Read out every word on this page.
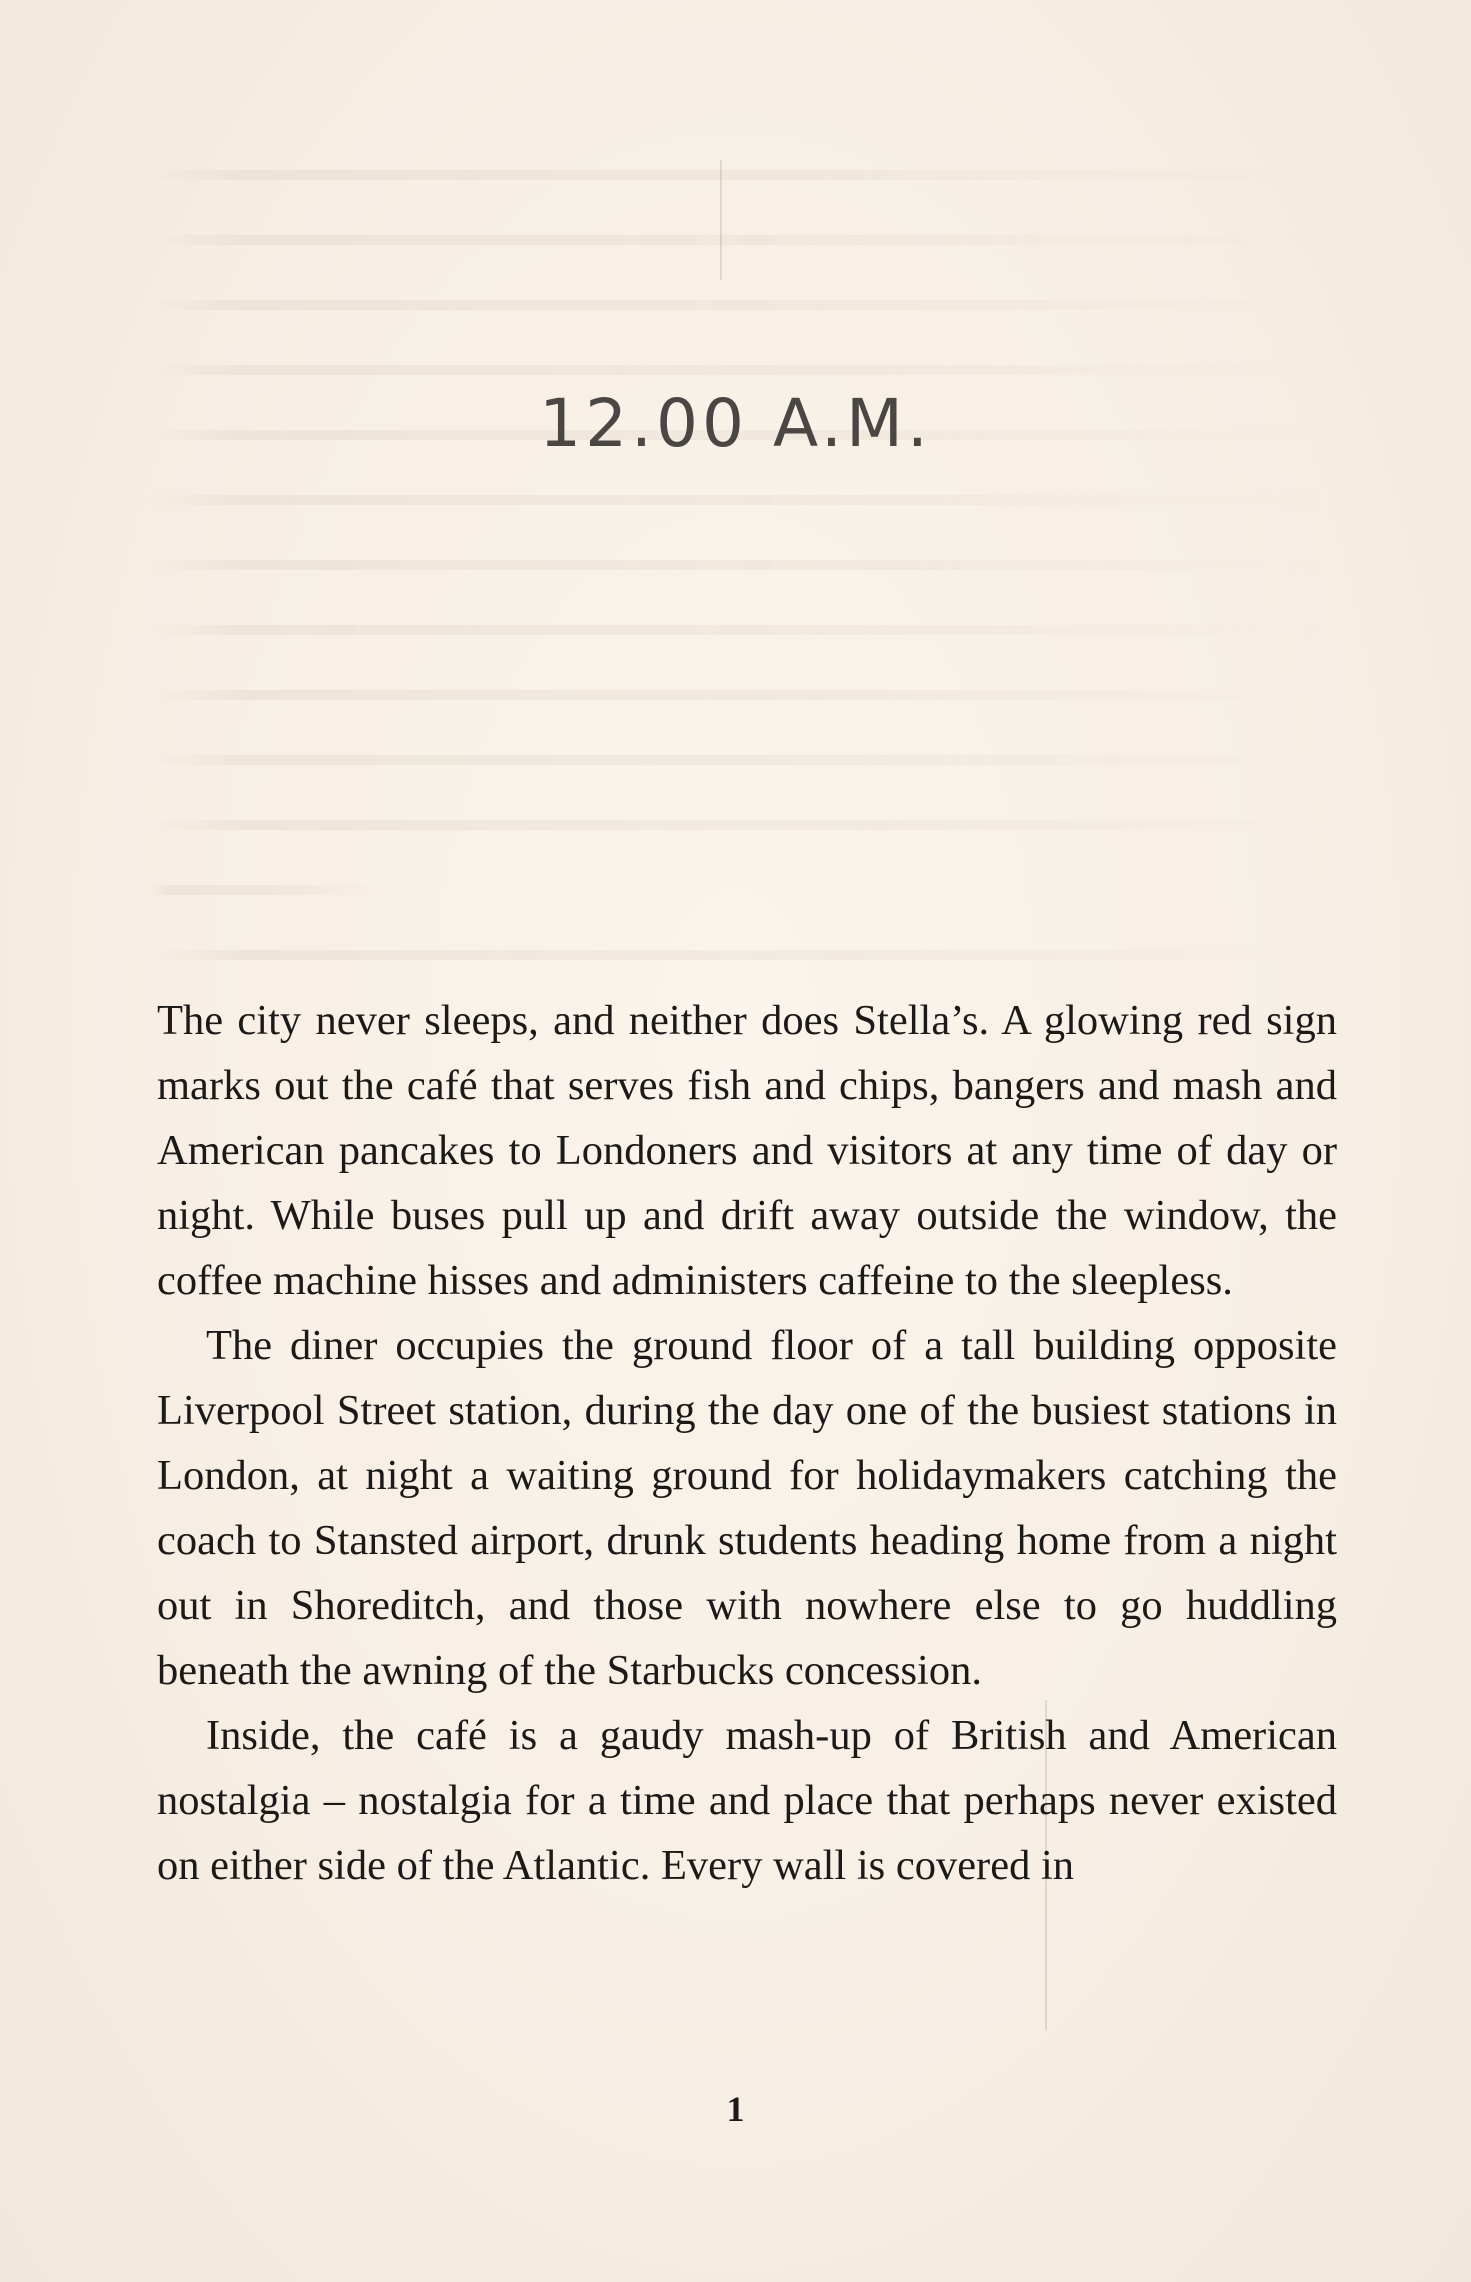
12.00 A.M.

The city never sleeps, and neither does Stella’s. A glowing red sign marks out the café that serves fish and chips, bangers and mash and American pancakes to Londoners and visitors at any time of day or night. While buses pull up and drift away outside the window, the coffee machine hisses and administers caffeine to the sleepless.

The diner occupies the ground floor of a tall building opposite Liverpool Street station, during the day one of the busiest stations in London, at night a waiting ground for holidaymakers catching the coach to Stansted airport, drunk students heading home from a night out in Shoreditch, and those with nowhere else to go huddling beneath the awning of the Starbucks concession.

Inside, the café is a gaudy mash-up of British and American nostalgia – nostalgia for a time and place that perhaps never existed on either side of the Atlantic. Every wall is covered in

1
